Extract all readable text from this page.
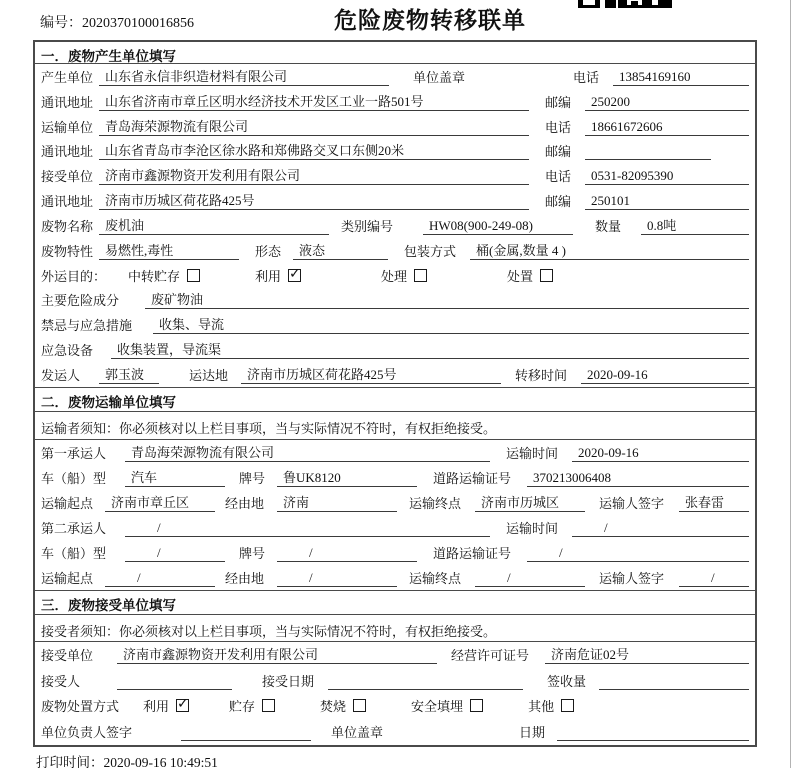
编号：2020370100016856	危险废物转移联单
一．废物产生单位填写
产生单位 山东省永信非织造材料有限公司	单位盖章	电话	13854169160
通讯地址 山东省济南市章丘区明水经济技术开发区工业一路501号	邮编	250200
运输单位 青岛海荣源物流有限公司	电话	18661672606
通讯地址 山东省青岛市李沧区徐水路和郑佛路交叉口东侧20米	邮编
接受单位 济南市鑫源物资开发利用有限公司	电话	0531-82095390
通讯地址 济南市历城区荷花路425号	邮编	250101
废物名称 废机油	类别编号	HW08(900-249-08)	数量	0.8吨
废物特性 易燃性,毒性	形态	液态	包装方式	桶(金属,数量 4 )
外运目的：	中转贮存	利用 ✓	处理	处置
主要危险成分	废矿物油
禁忌与应急措施	收集、导流
应急设备	收集装置，导流渠
发运人	郭玉波	运达地	济南市历城区荷花路425号	转移时间	2020-09-16
二．废物运输单位填写
运输者须知：你必须核对以上栏目事项，当与实际情况不符时，有权拒绝接受。
第一承运人	青岛海荣源物流有限公司	运输时间	2020-09-16
车（船）型	汽车	牌号	鲁UK8120	道路运输证号	370213006408
运输起点	济南市章丘区	经由地	济南	运输终点	济南市历城区	运输人签字	张春雷
第二承运人	/	运输时间	/
车（船）型	/	牌号	/	道路运输证号	/
运输起点	/	经由地	/	运输终点	/	运输人签字	/
三．废物接受单位填写
接受者须知：你必须核对以上栏目事项，当与实际情况不符时，有权拒绝接受。
接受单位	济南市鑫源物资开发利用有限公司	经营许可证号	济南危证02号
接受人	接受日期	签收量
废物处置方式	利用 ✓	贮存	焚烧	安全填埋	其他
单位负责人签字	单位盖章	日期
打印时间：2020-09-16 10:49:51
